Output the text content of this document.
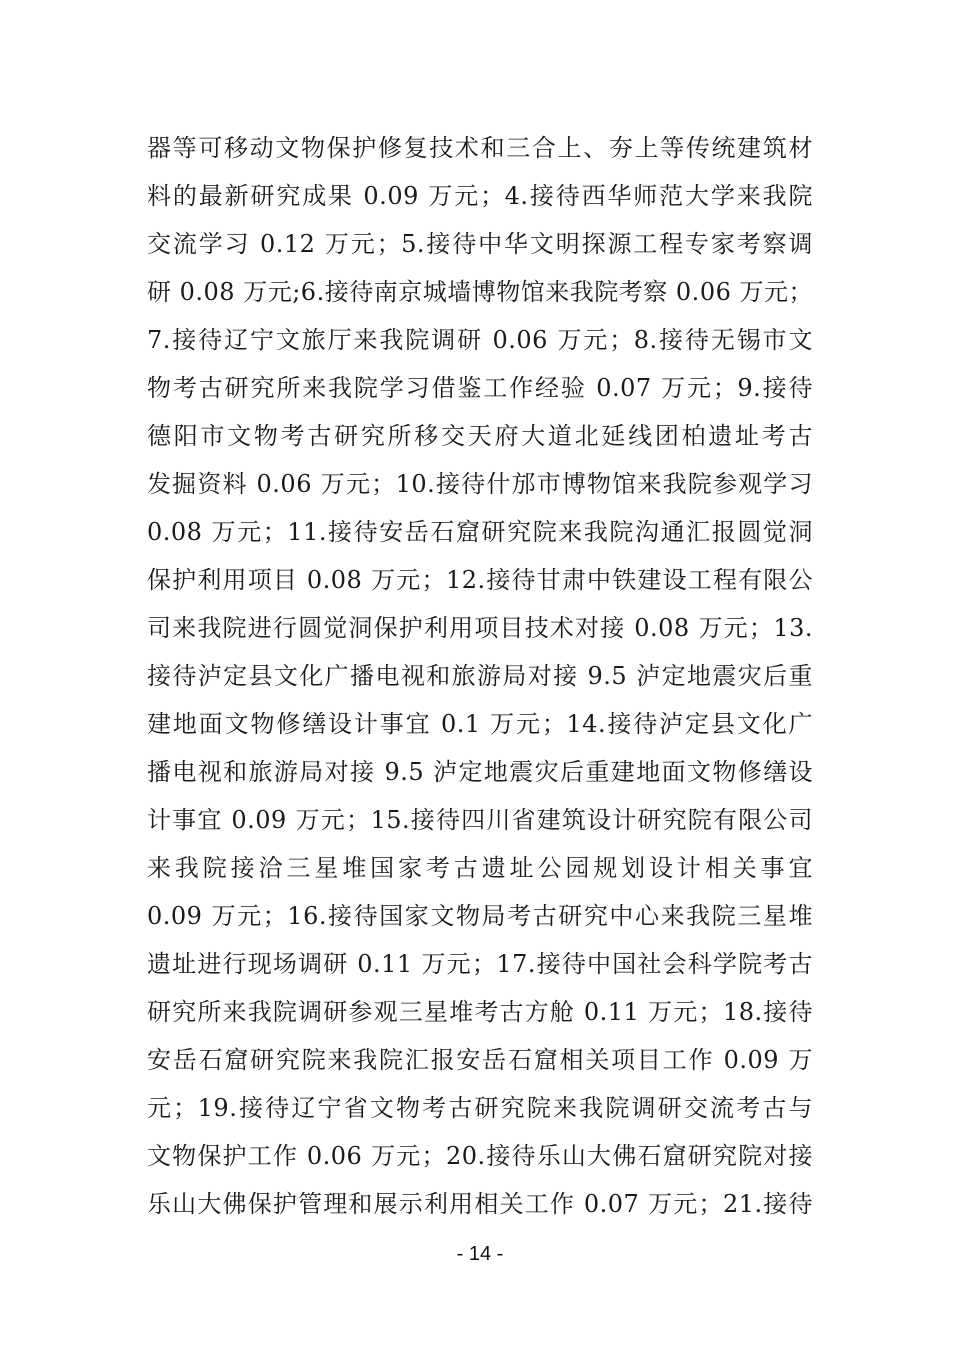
器等可移动文物保护修复技术和三合上、夯上等传统建筑材
料的最新研究成果 0.09 万元；4.接待西华师范大学来我院
交流学习 0.12 万元；5.接待中华文明探源工程专家考察调
研 0.08 万元;6.接待南京城墙博物馆来我院考察 0.06 万元；
7.接待辽宁文旅厅来我院调研 0.06 万元；8.接待无锡市文
物考古研究所来我院学习借鉴工作经验 0.07 万元；9.接待
德阳市文物考古研究所移交天府大道北延线团柏遗址考古
发掘资料 0.06 万元；10.接待什邡市博物馆来我院参观学习
0.08 万元；11.接待安岳石窟研究院来我院沟通汇报圆觉洞
保护利用项目 0.08 万元；12.接待甘肃中铁建设工程有限公
司来我院进行圆觉洞保护利用项目技术对接 0.08 万元；13.
接待泸定县文化广播电视和旅游局对接 9.5 泸定地震灾后重
建地面文物修缮设计事宜 0.1 万元；14.接待泸定县文化广
播电视和旅游局对接 9.5 泸定地震灾后重建地面文物修缮设
计事宜 0.09 万元；15.接待四川省建筑设计研究院有限公司
来我院接洽三星堆国家考古遗址公园规划设计相关事宜
0.09 万元；16.接待国家文物局考古研究中心来我院三星堆
遗址进行现场调研 0.11 万元；17.接待中国社会科学院考古
研究所来我院调研参观三星堆考古方舱 0.11 万元；18.接待
安岳石窟研究院来我院汇报安岳石窟相关项目工作 0.09 万
元；19.接待辽宁省文物考古研究院来我院调研交流考古与
文物保护工作 0.06 万元；20.接待乐山大佛石窟研究院对接
乐山大佛保护管理和展示利用相关工作 0.07 万元；21.接待
- 14 -
